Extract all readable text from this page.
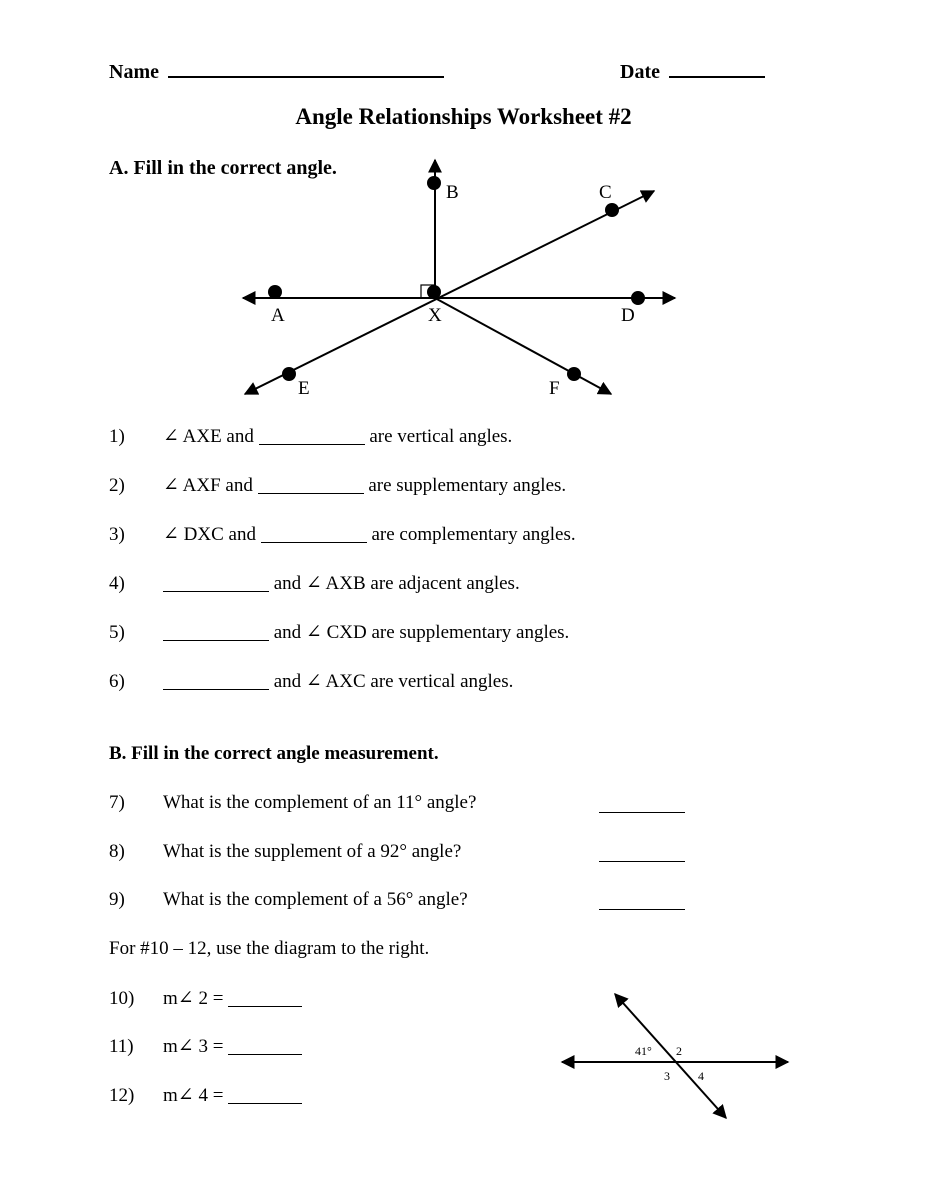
Name	Date
Angle Relationships Worksheet #2
A. Fill in the correct angle.
A
B	C
D
X
E	F
1)	∠ AXE and	are vertical angles.
2)	∠ AXF and	are supplementary angles.
3)	∠ DXC and	are complementary angles.
4)	and ∠ AXB are adjacent angles.
5)	and ∠ CXD are supplementary angles.
6)	and ∠ AXC are vertical angles.
B. Fill in the correct angle measurement.
7)	What is the complement of an 11° angle?
8)	What is the supplement of a 92° angle?
9)	What is the complement of a 56° angle?
For #10 – 12, use the diagram to the right.
10)	m∠ 2 =
11)	m∠ 3 =
12)	m∠ 4 =
41° 2
3 4
